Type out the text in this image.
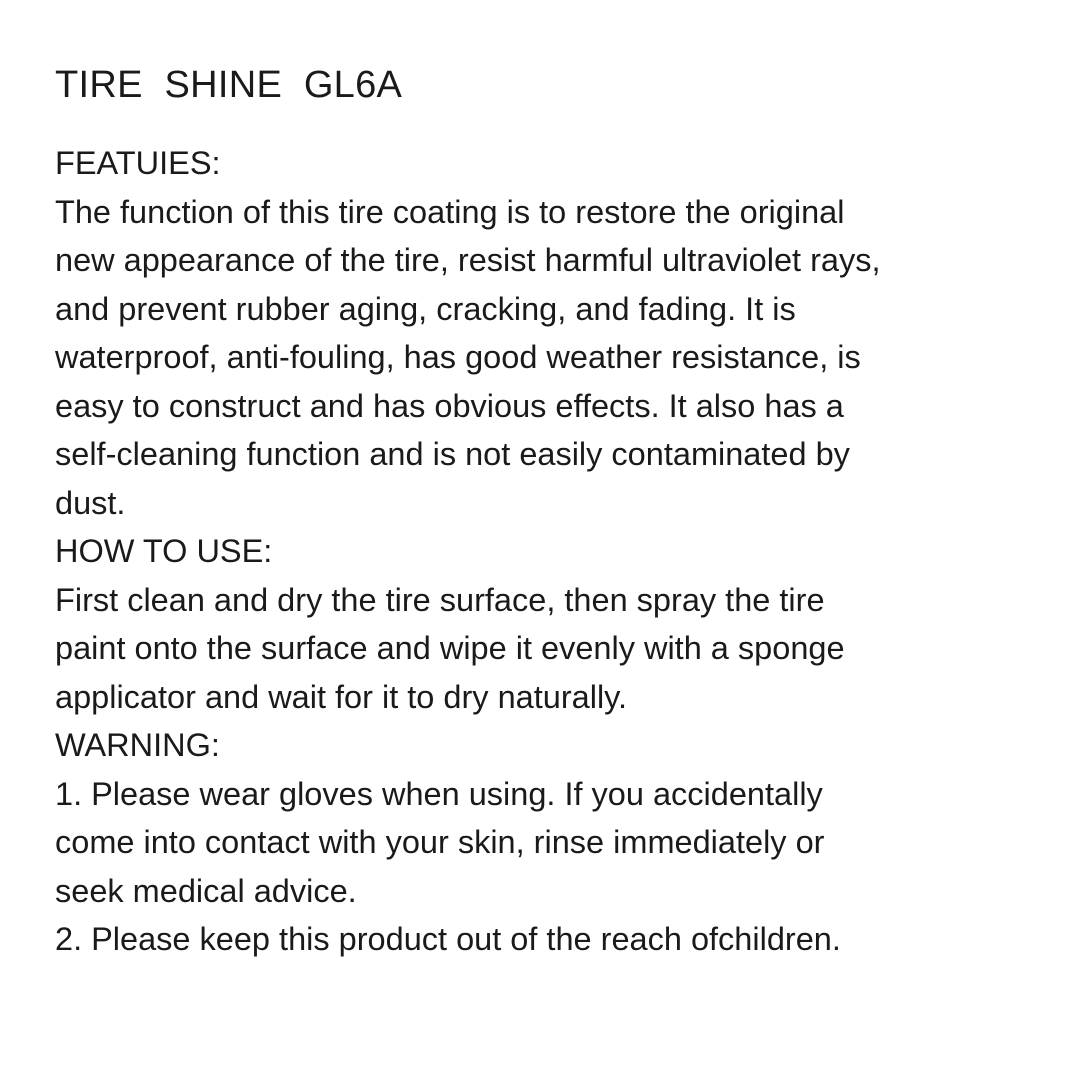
TIRE  SHINE  GL6A
FEATUIES:
The function of this tire coating is to restore the original
new appearance of the tire, resist harmful ultraviolet rays,
and prevent rubber aging, cracking, and fading. It is
waterproof, anti-fouling, has good weather resistance, is
easy to construct and has obvious effects. It also has a
self-cleaning function and is not easily contaminated by
dust.
HOW TO USE:
First clean and dry the tire surface, then spray the tire
paint onto the surface and wipe it evenly with a sponge
applicator and wait for it to dry naturally.
WARNING:
1. Please wear gloves when using. If you accidentally
come into contact with your skin, rinse immediately or
seek medical advice.
2. Please keep this product out of the reach ofchildren.
